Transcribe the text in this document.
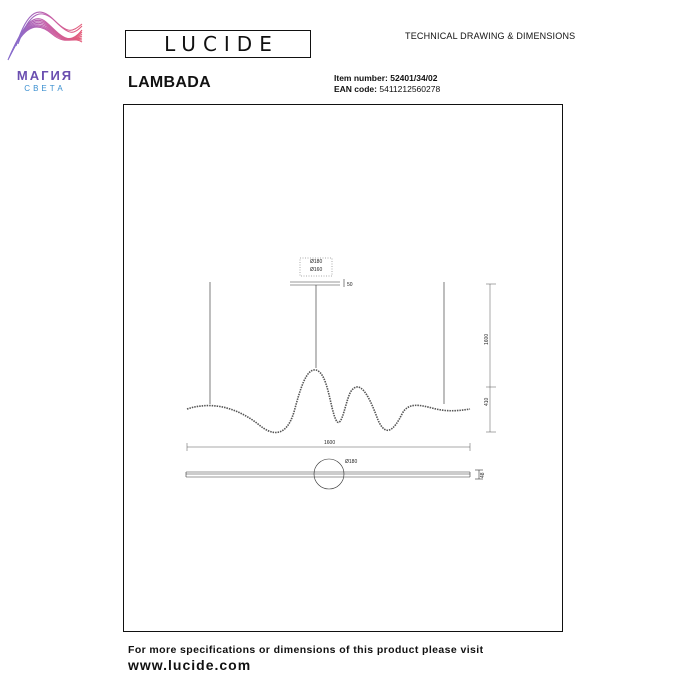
МАГИЯ
СВЕТА
LUCIDE	TECHNICAL DRAWING & DIMENSIONS
LAMBADA	Item number: 52401/34/02
EAN code: 5411212560278
Ø180
Ø160
50
1600
410
1600
Ø180
48
For more specifications or dimensions of this product please visit
www.lucide.com
